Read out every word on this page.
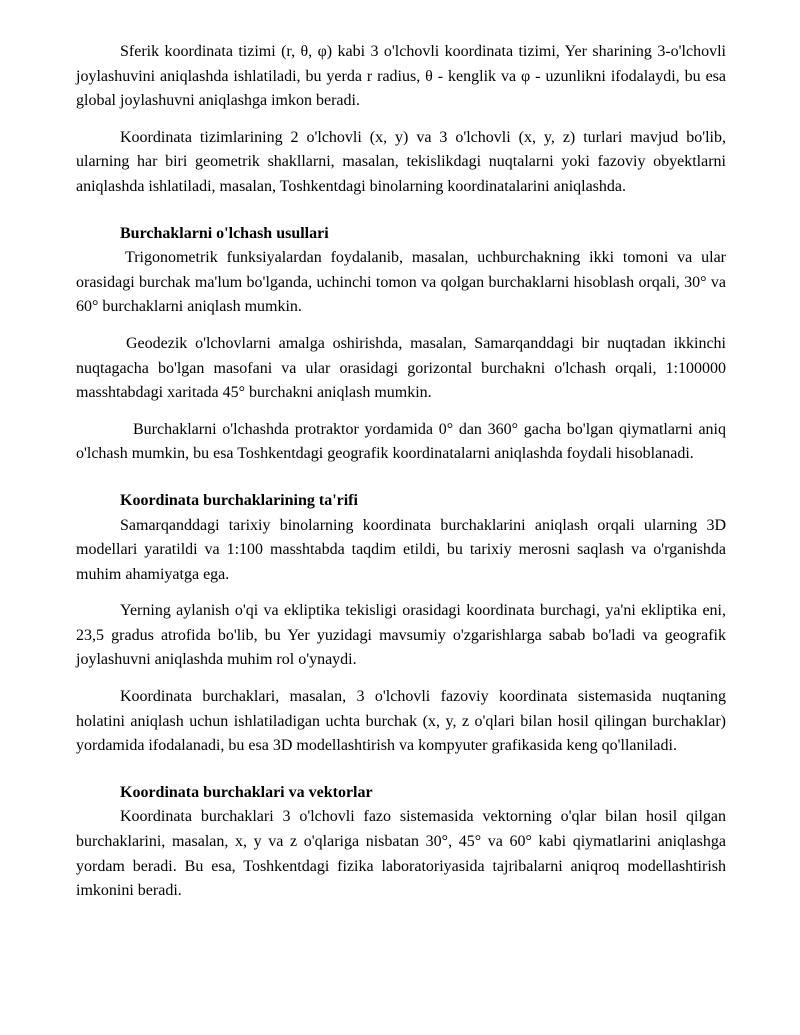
Sferik koordinata tizimi (r, θ, φ) kabi 3 o'lchovli koordinata tizimi, Yer sharining 3-o'lchovli joylashuvini aniqlashda ishlatiladi, bu yerda r radius, θ - kenglik va φ - uzunlikni ifodalaydi, bu esa global joylashuvni aniqlashga imkon beradi.

Koordinata tizimlarining 2 o'lchovli (x, y) va 3 o'lchovli (x, y, z) turlari mavjud bo'lib, ularning har biri geometrik shakllarni, masalan, tekislikdagi nuqtalarni yoki fazoviy obyektlarni aniqlashda ishlatiladi, masalan, Toshkentdagi binolarning koordinatalarini aniqlashda.

Burchaklarni o'lchash usullari

Trigonometrik funksiyalardan foydalanib, masalan, uchburchakning ikki tomoni va ular orasidagi burchak ma'lum bo'lganda, uchinchi tomon va qolgan burchaklarni hisoblash orqali, 30° va 60° burchaklarni aniqlash mumkin.

Geodezik o'lchovlarni amalga oshirishda, masalan, Samarqanddagi bir nuqtadan ikkinchi nuqtagacha bo'lgan masofani va ular orasidagi gorizontal burchakni o'lchash orqali, 1:100000 masshtabdagi xaritada 45° burchakni aniqlash mumkin.

Burchaklarni o'lchashda protraktor yordamida 0° dan 360° gacha bo'lgan qiymatlarni aniq o'lchash mumkin, bu esa Toshkentdagi geografik koordinatalarni aniqlashda foydali hisoblanadi.

Koordinata burchaklarining ta'rifi

Samarqanddagi tarixiy binolarning koordinata burchaklarini aniqlash orqali ularning 3D modellari yaratildi va 1:100 masshtabda taqdim etildi, bu tarixiy merosni saqlash va o'rganishda muhim ahamiyatga ega.

Yerning aylanish o'qi va ekliptika tekisligi orasidagi koordinata burchagi, ya'ni ekliptika eni, 23,5 gradus atrofida bo'lib, bu Yer yuzidagi mavsumiy o'zgarishlarga sabab bo'ladi va geografik joylashuvni aniqlashda muhim rol o'ynaydi.

Koordinata burchaklari, masalan, 3 o'lchovli fazoviy koordinata sistemasida nuqtaning holatini aniqlash uchun ishlatiladigan uchta burchak (x, y, z o'qlari bilan hosil qilingan burchaklar) yordamida ifodalanadi, bu esa 3D modellashtirish va kompyuter grafikasida keng qo'llaniladi.

Koordinata burchaklari va vektorlar

Koordinata burchaklari 3 o'lchovli fazo sistemasida vektorning o'qlar bilan hosil qilgan burchaklarini, masalan, x, y va z o'qlariga nisbatan 30°, 45° va 60° kabi qiymatlarini aniqlashga yordam beradi. Bu esa, Toshkentdagi fizika laboratoriyasida tajribalarni aniqroq modellashtirish imkonini beradi.
